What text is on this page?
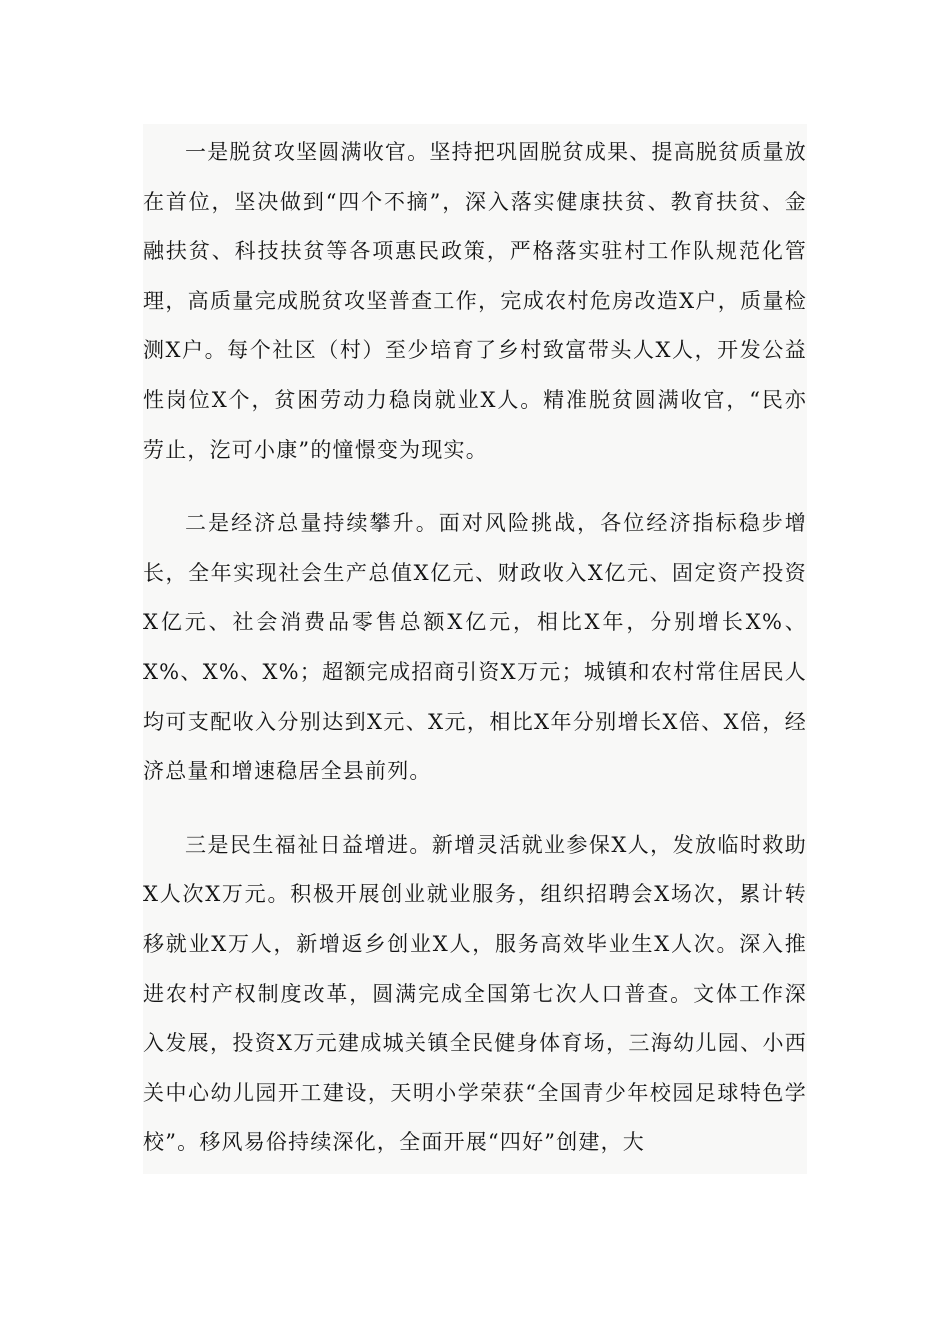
一是脱贫攻坚圆满收官。坚持把巩固脱贫成果、提高脱贫质量放在首位，坚决做到“四个不摘”，深入落实健康扶贫、教育扶贫、金融扶贫、科技扶贫等各项惠民政策，严格落实驻村工作队规范化管理，高质量完成脱贫攻坚普查工作，完成农村危房改造X户，质量检测X户。每个社区（村）至少培育了乡村致富带头人X人，开发公益性岗位X个，贫困劳动力稳岗就业X人。精准脱贫圆满收官，“民亦劳止，汔可小康”的憧憬变为现实。

二是经济总量持续攀升。面对风险挑战，各位经济指标稳步增长，全年实现社会生产总值X亿元、财政收入X亿元、固定资产投资X亿元、社会消费品零售总额X亿元，相比X年，分别增长X%、X%、X%、X%；超额完成招商引资X万元；城镇和农村常住居民人均可支配收入分别达到X元、X元，相比X年分别增长X倍、X倍，经济总量和增速稳居全县前列。

三是民生福祉日益增进。新增灵活就业参保X人，发放临时救助X人次X万元。积极开展创业就业服务，组织招聘会X场次，累计转移就业X万人，新增返乡创业X人，服务高效毕业生X人次。深入推进农村产权制度改革，圆满完成全国第七次人口普查。文体工作深入发展，投资X万元建成城关镇全民健身体育场，三海幼儿园、小西关中心幼儿园开工建设，天明小学荣获“全国青少年校园足球特色学校”。移风易俗持续深化，全面开展“四好”创建，大
